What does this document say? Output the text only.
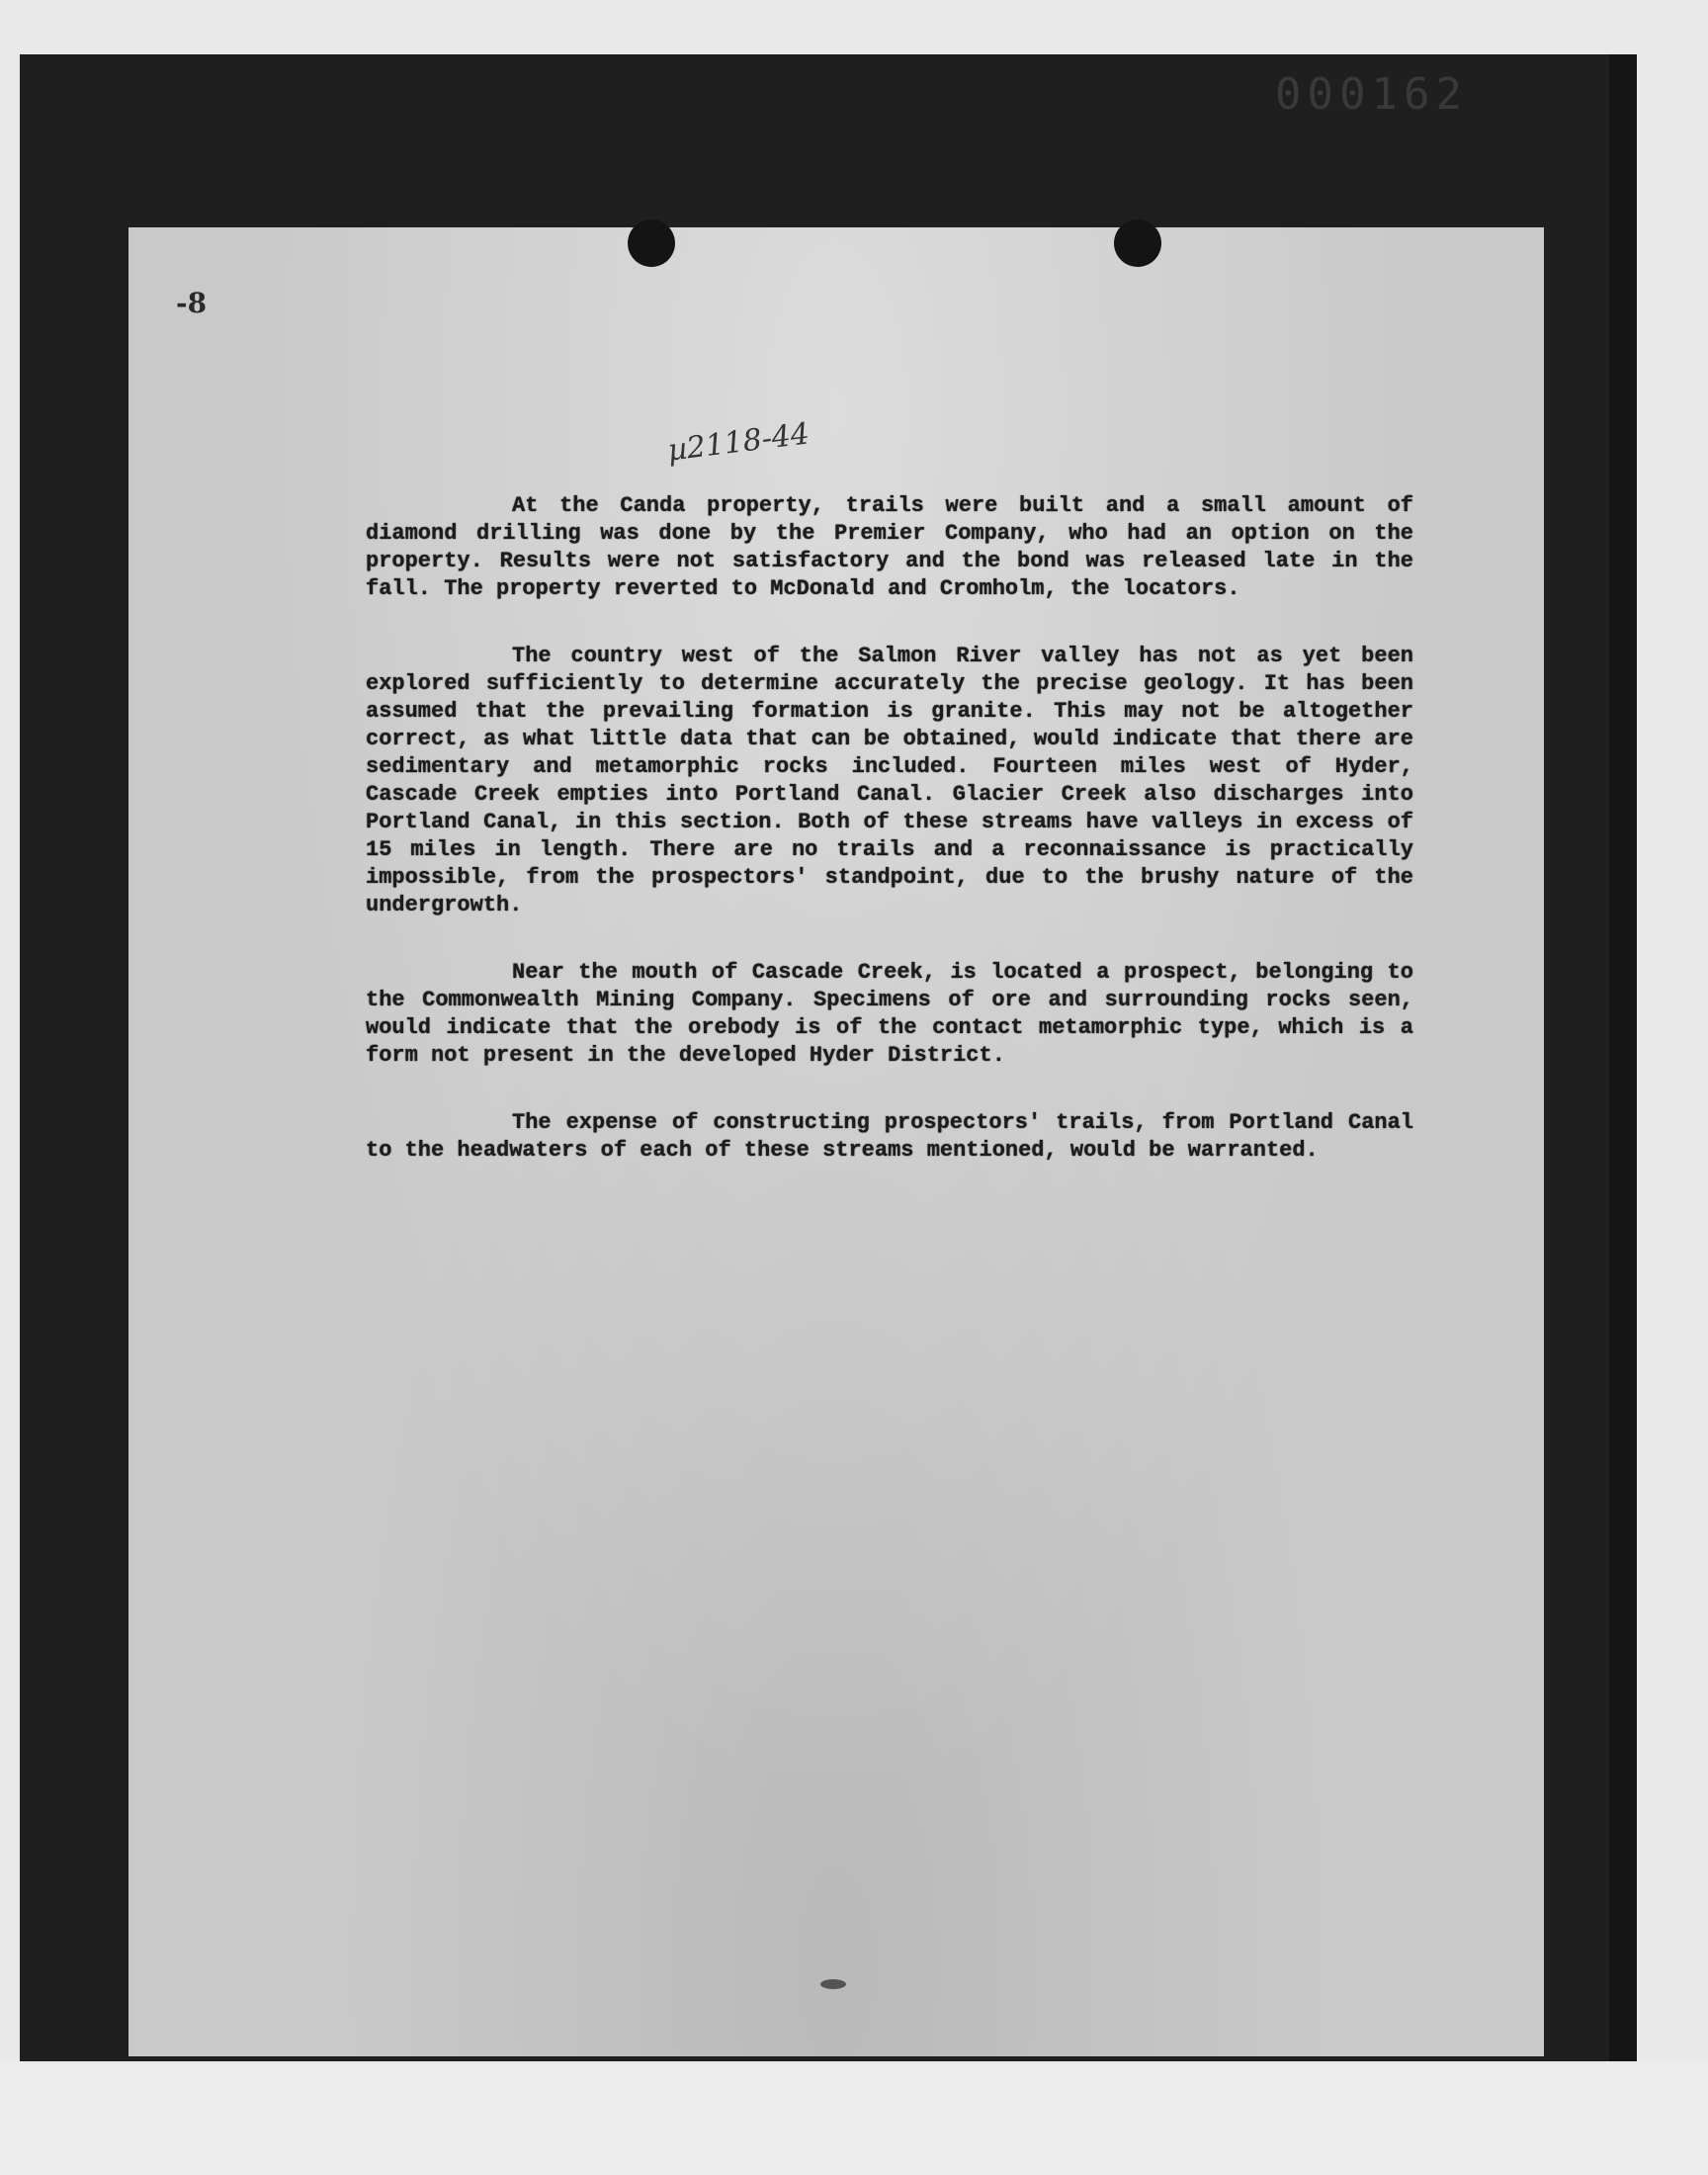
000162
-8
µ2118-44

At the Canda property, trails were built and a small amount of diamond drilling was done by the Premier Company, who had an option on the property. Results were not satisfactory and the bond was released late in the fall. The property reverted to McDonald and Cromholm, the locators.

The country west of the Salmon River valley has not as yet been explored sufficiently to determine accurately the precise geology. It has been assumed that the prevailing formation is granite. This may not be altogether correct, as what little data that can be obtained, would indicate that there are sedimentary and metamorphic rocks included. Fourteen miles west of Hyder, Cascade Creek empties into Portland Canal. Glacier Creek also discharges into Portland Canal, in this section. Both of these streams have valleys in excess of 15 miles in length. There are no trails and a reconnaissance is practically impossible, from the prospectors' standpoint, due to the brushy nature of the undergrowth.

Near the mouth of Cascade Creek, is located a prospect, belonging to the Commonwealth Mining Company. Specimens of ore and surrounding rocks seen, would indicate that the orebody is of the contact metamorphic type, which is a form not present in the developed Hyder District.

The expense of constructing prospectors' trails, from Portland Canal to the headwaters of each of these streams mentioned, would be warranted.
